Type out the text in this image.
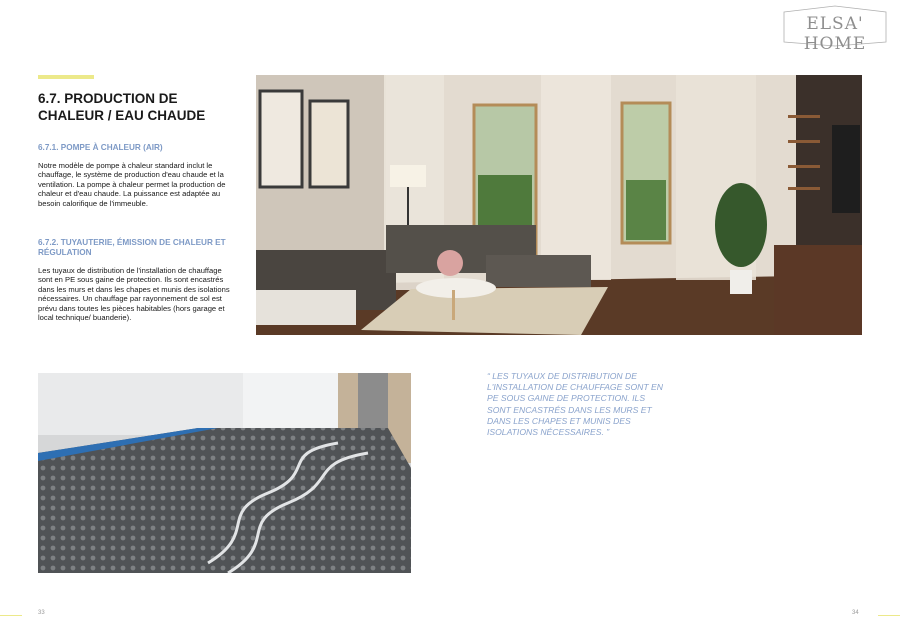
ELSA' HOME
6.7. PRODUCTION DE CHALEUR / EAU CHAUDE
6.7.1. POMPE À CHALEUR (AIR)
Notre modèle de pompe à chaleur standard inclut le chauffage, le système de production d'eau chaude et la ventilation. La pompe à chaleur permet la production de chaleur et d'eau chaude. La puissance est adaptée au besoin calorifique de l'immeuble.
6.7.2. TUYAUTERIE, ÉMISSION DE CHALEUR ET RÉGULATION
Les tuyaux de distribution de l'installation de chauffage sont en PE sous gaine de protection. Ils sont encastrés dans les murs et dans les chapes et munis des isolations nécessaires. Un chauffage par rayonnement de sol est prévu dans toutes les pièces habitables (hors garage et local technique/ buanderie).
“ LES TUYAUX DE DISTRIBUTION DE L'INSTALLATION DE CHAUFFAGE SONT EN PE SOUS GAINE DE PROTECTION. ILS SONT ENCASTRÉS DANS LES MURS ET DANS LES CHAPES ET MUNIS DES ISOLATIONS NÉCESSAIRES. ”
33	34
